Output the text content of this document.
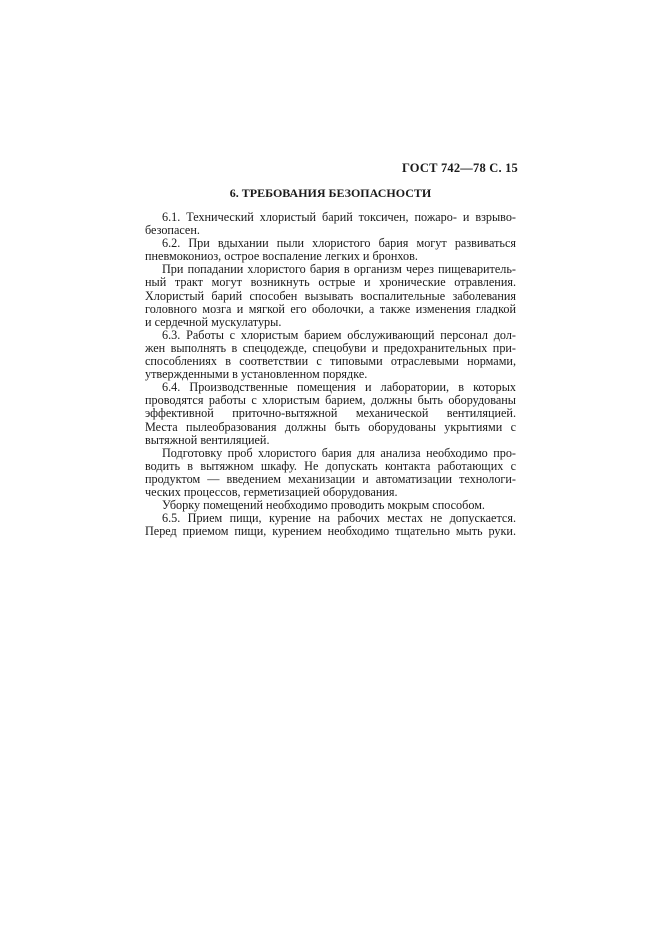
ГОСТ 742—78 С. 15
6. ТРЕБОВАНИЯ БЕЗОПАСНОСТИ
6.1. Технический хлористый барий токсичен, пожаро- и взрыво-
безопасен.
6.2. При вдыхании пыли хлористого бария могут развиваться
пневмокониоз, острое воспаление легких и бронхов.
При попадании хлористого бария в организм через пищеваритель-
ный тракт могут возникнуть острые и хронические отравления.
Хлористый барий способен вызывать воспалительные заболевания
головного мозга и мягкой его оболочки, а также изменения гладкой
и сердечной мускулатуры.
6.3. Работы с хлористым барием обслуживающий персонал дол-
жен выполнять в спецодежде, спецобуви и предохранительных при-
способлениях в соответствии с типовыми отраслевыми нормами,
утвержденными в установленном порядке.
6.4. Производственные помещения и лаборатории, в которых
проводятся работы с хлористым барием, должны быть оборудованы
эффективной приточно-вытяжной механической вентиляцией.
Места пылеобразования должны быть оборудованы укрытиями с
вытяжной вентиляцией.
Подготовку проб хлористого бария для анализа необходимо про-
водить в вытяжном шкафу. Не допускать контакта работающих с
продуктом — введением механизации и автоматизации технологи-
ческих процессов, герметизацией оборудования.
Уборку помещений необходимо проводить мокрым способом.
6.5. Прием пищи, курение на рабочих местах не допускается.
Перед приемом пищи, курением необходимо тщательно мыть руки.
